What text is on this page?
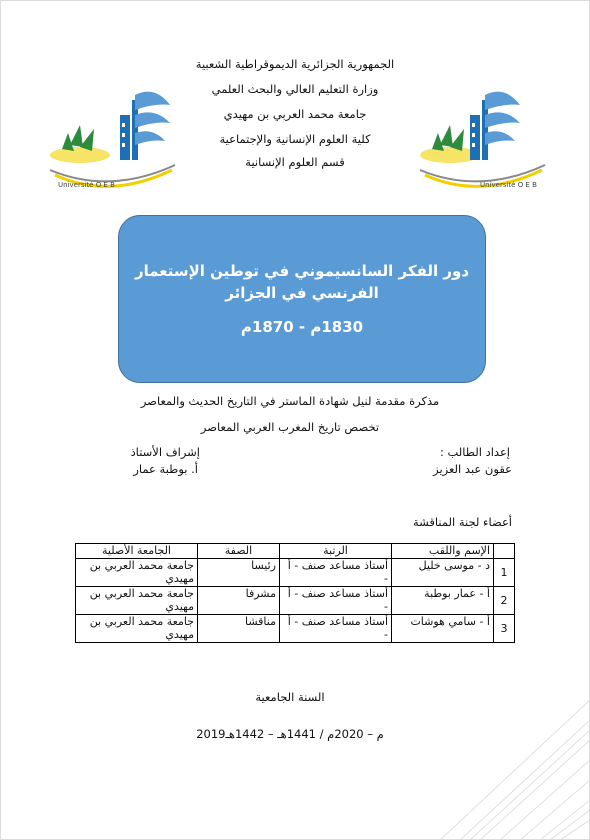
الجمهورية الجزائرية الديموقراطية الشعبية
وزارة التعليم العالي والبحث العلمي
جامعة محمد العربي بن مهيدي
كلية العلوم الإنسانية والإجتماعية
قسم العلوم الإنسانية
Université O E B	Université O E B
دور الفكر السانسيموني في توطين الإستعمار الفرنسي في الجزائر
1830م - 1870م
مذكرة مقدمة لنيل شهادة الماستر في التاريخ الحديث والمعاصر
تخصص تاريخ المغرب العربي المعاصر
إعداد الطالب :
عقون عبد العزيز
إشراف الأستاذ
أ. بوطبة عمار
أعضاء لجنة المناقشة
	الإسم واللقب	الرتبة	الصفة	الجامعة الأصلية
1	د - موسى خليل	أستاذ مساعد صنف - أ -	رئيسا	جامعة محمد العربي بن مهيدي
2	أ - عمار بوطبة	أستاذ مساعد صنف - أ -	مشرفا	جامعة محمد العربي بن مهيدي
3	أ - سامي هوشات	أستاذ مساعد صنف - أ -	مناقشا	جامعة محمد العربي بن مهيدي
السنة الجامعية
2019م – 2020م / 1441هـ – 1442هـ
